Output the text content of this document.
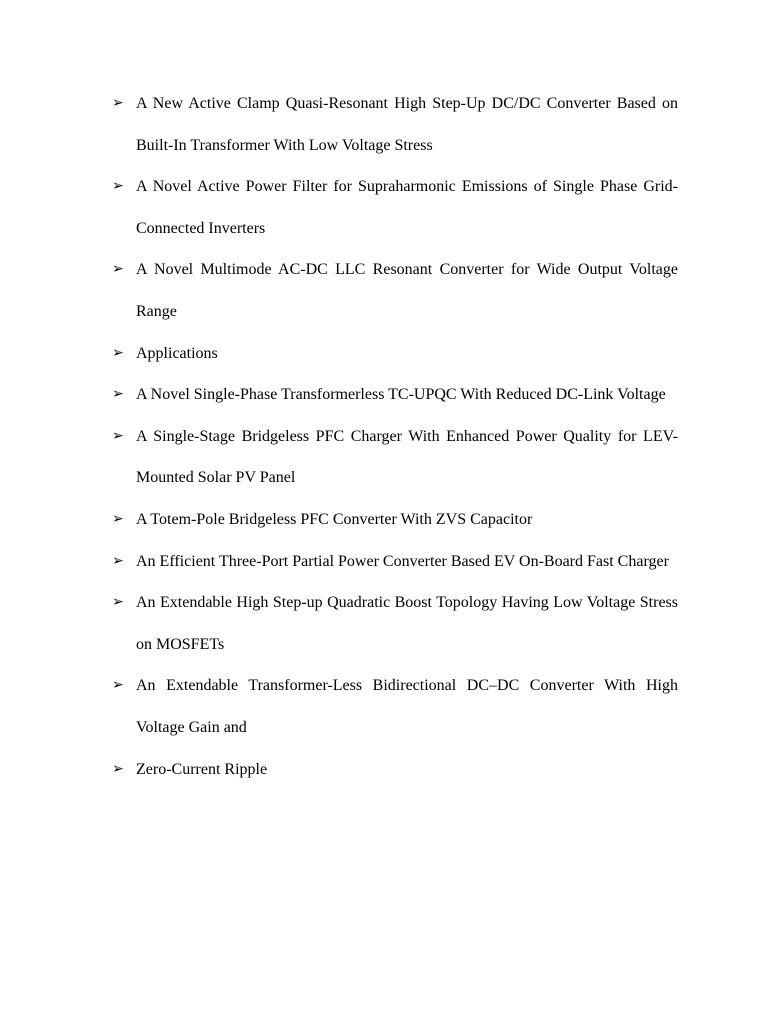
➢ A New Active Clamp Quasi-Resonant High Step-Up DC/DC Converter Based on Built-In Transformer With Low Voltage Stress
➢ A Novel Active Power Filter for Supraharmonic Emissions of Single Phase Grid-Connected Inverters
➢ A Novel Multimode AC-DC LLC Resonant Converter for Wide Output Voltage Range
➢ Applications
➢ A Novel Single-Phase Transformerless TC-UPQC With Reduced DC-Link Voltage
➢ A Single-Stage Bridgeless PFC Charger With Enhanced Power Quality for LEV-Mounted Solar PV Panel
➢ A Totem-Pole Bridgeless PFC Converter With ZVS Capacitor
➢ An Efficient Three-Port Partial Power Converter Based EV On-Board Fast Charger
➢ An Extendable High Step-up Quadratic Boost Topology Having Low Voltage Stress on MOSFETs
➢ An Extendable Transformer-Less Bidirectional DC–DC Converter With High Voltage Gain and
➢ Zero-Current Ripple
